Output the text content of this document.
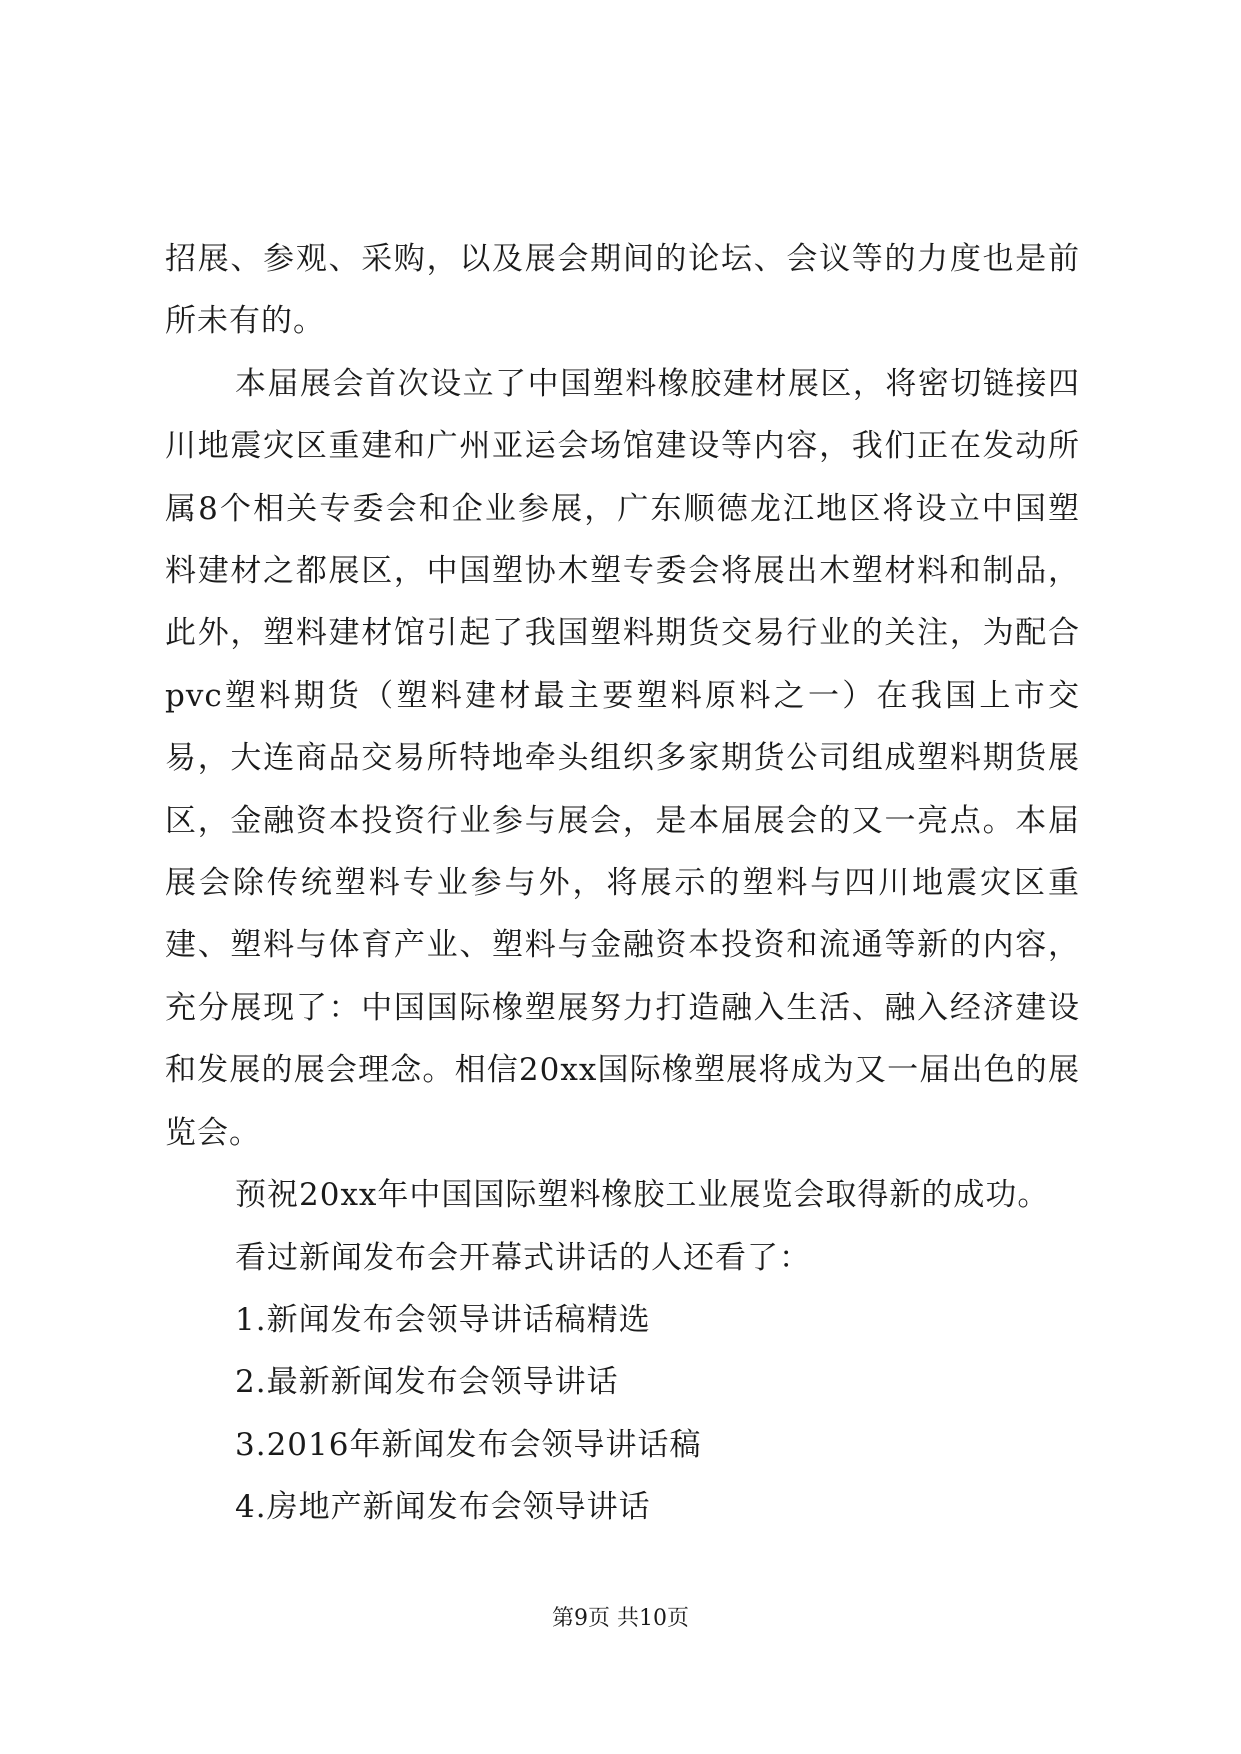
招展、参观、采购，以及展会期间的论坛、会议等的力度也是前所未有的。

本届展会首次设立了中国塑料橡胶建材展区，将密切链接四川地震灾区重建和广州亚运会场馆建设等内容，我们正在发动所属8个相关专委会和企业参展，广东顺德龙江地区将设立中国塑料建材之都展区，中国塑协木塑专委会将展出木塑材料和制品，此外，塑料建材馆引起了我国塑料期货交易行业的关注，为配合pvc塑料期货（塑料建材最主要塑料原料之一）在我国上市交易，大连商品交易所特地牵头组织多家期货公司组成塑料期货展区，金融资本投资行业参与展会，是本届展会的又一亮点。本届展会除传统塑料专业参与外，将展示的塑料与四川地震灾区重建、塑料与体育产业、塑料与金融资本投资和流通等新的内容，充分展现了：中国国际橡塑展努力打造融入生活、融入经济建设和发展的展会理念。相信20xx国际橡塑展将成为又一届出色的展览会。

预祝20xx年中国国际塑料橡胶工业展览会取得新的成功。

看过新闻发布会开幕式讲话的人还看了：

1.新闻发布会领导讲话稿精选
2.最新新闻发布会领导讲话
3.2016年新闻发布会领导讲话稿
4.房地产新闻发布会领导讲话
第9页 共10页
